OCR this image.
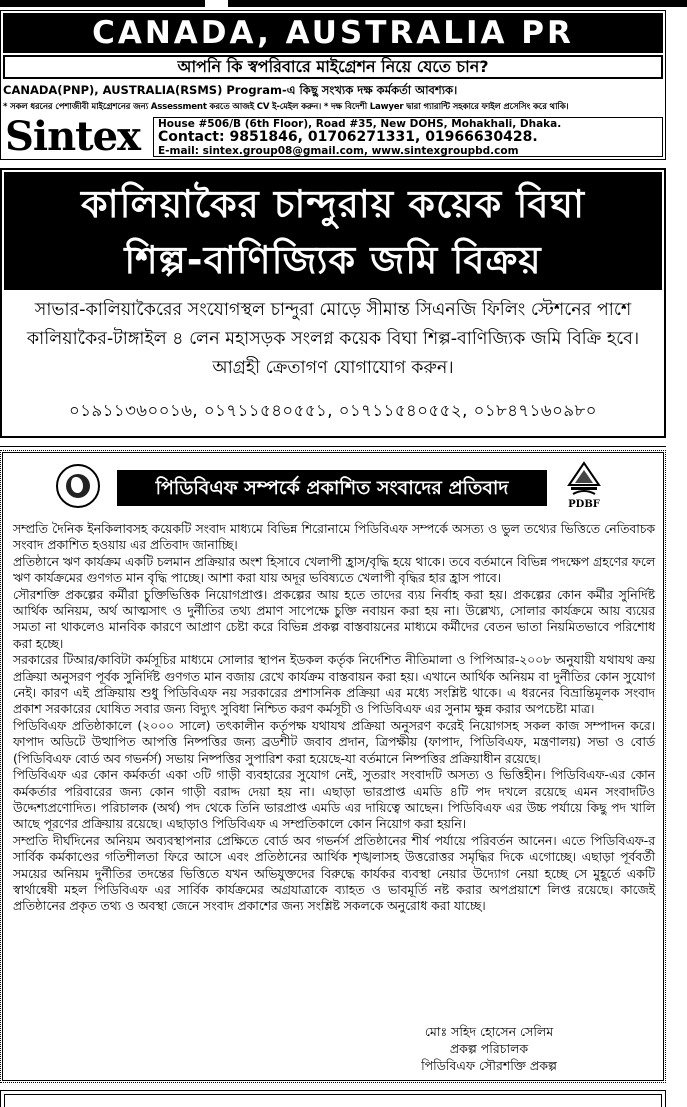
CANADA, AUSTRALIA PR
আপনি কি স্বপরিবারে মাইগ্রেশন নিয়ে যেতে চান?
CANADA(PNP), AUSTRALIA(RSMS) Program-এ কিছু সংখ্যক দক্ষ কর্মকর্তা আবশ্যক।
* সকল ধরনের পেশাজীবী মাইগ্রেশনের জন্য Assessment করতে আজই CV ই-মেইল করুন। * দক্ষ বিদেশী Lawyer দ্বারা গ্যারান্টি সহকারে ফাইল প্রসেসিং করে থাকি।
Sintex House #506/B (6th Floor), Road #35, New DOHS, Mohakhali, Dhaka.
Contact: 9851846, 01706271331, 01966630428.
E-mail: sintex.group08@gmail.com, www.sintexgroupbd.com
কালিয়াকৈর চান্দুরায় কয়েক বিঘা
শিল্প-বাণিজ্যিক জমি বিক্রয়
সাভার-কালিয়াকৈরের সংযোগস্থল চান্দুরা মোড়ে সীমান্ত সিএনজি ফিলিং স্টেশনের পাশে কালিয়াকৈর-টাঙ্গাইল ৪ লেন মহাসড়ক সংলগ্ন কয়েক বিঘা শিল্প-বাণিজ্যিক জমি বিক্রি হবে। আগ্রহী ক্রেতাগণ যোগাযোগ করুন।
০১৯১১৩৬০০১৬, ০১৭১১৫৪০৫৫১, ০১৭১১৫৪০৫৫২, ০১৮৪৭১৬০৯৮০
পিডিবিএফ সম্পর্কে প্রকাশিত সংবাদের প্রতিবাদ
PDBF

সম্প্রতি দৈনিক ইনকিলাবসহ কয়েকটি সংবাদ মাধ্যমে বিভিন্ন শিরোনামে পিডিবিএফ সম্পর্কে অসত্য ও ভুল তথ্যের ভিত্তিতে নেতিবাচক সংবাদ প্রকাশিত হওয়ায় এর প্রতিবাদ জানাচ্ছি।

প্রতিষ্ঠানে ঋণ কার্যক্রম একটি চলমান প্রক্রিয়ার অংশ হিসাবে খেলাপী হ্রাস/বৃদ্ধি হয়ে থাকে। তবে বর্তমানে বিভিন্ন পদক্ষেপ গ্রহণের ফলে ঋণ কার্যক্রমের গুণগত মান বৃদ্ধি পাচ্ছে। আশা করা যায় অদূর ভবিষ্যতে খেলাপী বৃদ্ধির হার হ্রাস পাবে।

সৌরশক্তি প্রকল্পের কর্মীরা চুক্তিভিত্তিক নিয়োগপ্রাপ্ত। প্রকল্পের আয় হতে তাদের ব্যয় নির্বাহ করা হয়। প্রকল্পের কোন কর্মীর সুনির্দিষ্ট আর্থিক অনিয়ম, অর্থ আত্মসাৎ ও দুর্নীতির তথ্য প্রমাণ সাপেক্ষে চুক্তি নবায়ন করা হয় না। উল্লেখ্য, সোলার কার্যক্রমে আয় ব্যয়ের সমতা না থাকলেও মানবিক কারণে আপ্রাণ চেষ্টা করে বিভিন্ন প্রকল্প বাস্তবায়নের মাধ্যমে কর্মীদের বেতন ভাতা নিয়মিতভাবে পরিশোধ করা হচ্ছে।

সরকারের টিআর/কাবিটা কর্মসূচির মাধ্যমে সোলার স্থাপন ইডকল কর্তৃক নির্দেশিত নীতিমালা ও পিপিআর-২০০৮ অনুযায়ী যথাযথ ক্রয় প্রক্রিয়া অনুসরণ পূর্বক সুনির্দিষ্ট গুণগত মান বজায় রেখে কার্যক্রম বাস্তবায়ন করা হয়। এখানে আর্থিক অনিয়ম বা দুর্নীতির কোন সুযোগ নেই। কারণ এই প্রক্রিয়ায় শুধু পিডিবিএফ নয় সরকারের প্রশাসনিক প্রক্রিয়া এর মধ্যে সংশ্লিষ্ট থাকে। এ ধরনের বিভ্রান্তিমূলক সংবাদ প্রকাশ সরকারের ঘোষিত সবার জন্য বিদ্যুৎ সুবিধা নিশ্চিত করণ কর্মসূচী ও পিডিবিএফ এর সুনাম ক্ষুন্ন করার অপচেষ্টা মাত্র।

পিডিবিএফ প্রতিষ্ঠাকালে (২০০০ সালে) তৎকালীন কর্তৃপক্ষ যথাযথ প্রক্রিয়া অনুসরণ করেই নিয়োগসহ সকল কাজ সম্পাদন করে। ফাপাদ অডিটে উত্থাপিত আপত্তি নিষ্পত্তির জন্য ব্রডশীট জবাব প্রদান, ত্রিপক্ষীয় (ফাপাদ, পিডিবিএফ, মন্ত্রণালয়) সভা ও বোর্ড (পিডিবিএফ বোর্ড অব গভর্নর্স) সভায় নিষ্পত্তির সুপারিশ করা হয়েছে-যা বর্তমানে নিষ্পত্তির প্রক্রিয়াধীন রয়েছে।

পিডিবিএফ এর কোন কর্মকর্তা একা ৩টি গাড়ী ব্যবহারের সুযোগ নেই, সুতরাং সংবাদটি অসত্য ও ভিত্তিহীন। পিডিবিএফ-এর কোন কর্মকর্তার পরিবারের জন্য কোন গাড়ী বরাদ্দ দেয়া হয় না। এছাড়া ভারপ্রাপ্ত এমডি ৪টি পদ দখলে রয়েছে এমন সংবাদটিও উদ্দেশ্যপ্রণোদিত। পরিচালক (অর্থ) পদ থেকে তিনি ভারপ্রাপ্ত এমডি এর দায়িত্বে আছেন। পিডিবিএফ এর উচ্চ পর্যায়ে কিছু পদ খালি আছে পূরণের প্রক্রিয়ায় রয়েছে। এছাড়াও পিডিবিএফ এ সম্প্রতিকালে কোন নিয়োগ করা হয়নি।

সম্প্রতি দীর্ঘদিনের অনিয়ম অব্যবস্থাপনার প্রেক্ষিতে বোর্ড অব গভর্নর্স প্রতিষ্ঠানের শীর্ষ পর্যায়ে পরিবর্তন আনেন। এতে পিডিবিএফ-র সার্বিক কর্মকাণ্ডের গতিশীলতা ফিরে আসে এবং প্রতিষ্ঠানের আর্থিক শৃঙ্খলাসহ উত্তরোত্তর সমৃদ্ধির দিকে এগোচ্ছে। এছাড়া পূর্ববর্তী সময়ের অনিয়ম দুর্নীতির তদন্তের ভিত্তিতে যখন অভিযুক্তদের বিরুদ্ধে কার্যকর ব্যবস্থা নেয়ার উদ্যোগ নেয়া হচ্ছে সে মুহূর্তে একটি স্বার্থান্বেষী মহল পিডিবিএফ এর সার্বিক কার্যক্রমের অগ্রযাত্রাকে ব্যাহত ও ভাবমূর্তি নষ্ট করার অপপ্রয়াশে লিপ্ত রয়েছে। কাজেই প্রতিষ্ঠানের প্রকৃত তথ্য ও অবস্থা জেনে সংবাদ প্রকাশের জন্য সংশ্লিষ্ট সকলকে অনুরোধ করা যাচ্ছে।

মোঃ সহিদ হোসেন সেলিম
প্রকল্প পরিচালক
পিডিবিএফ সৌরশক্তি প্রকল্প
